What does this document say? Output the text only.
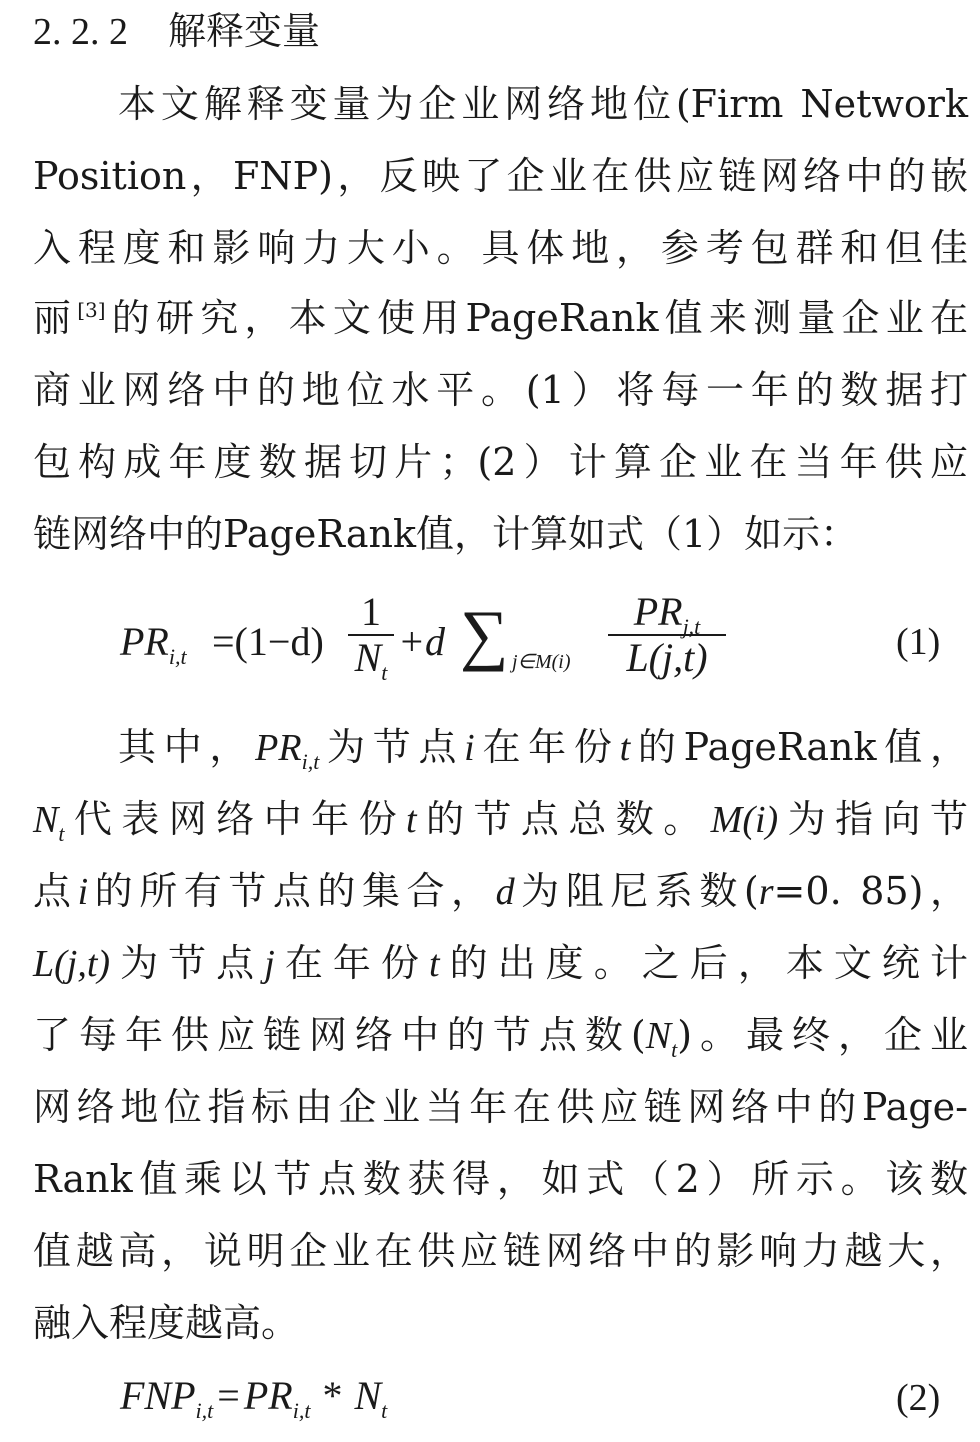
2. 2. 2 解释变量
本文解释变量为企业网络地位(Firm Network
Position，FNP)，反映了企业在供应链网络中的嵌
入程度和影响力大小。具体地，参考包群和但佳
丽[3]的研究，本文使用PageRank值来测量企业在
商业网络中的地位水平。(1）将每一年的数据打
包构成年度数据切片；(2）计算企业在当年供应
链网络中的PageRank值，计算如式（1）如示：
$PR_{i,t} =(1-d)$
1
$N_t$
+d ∑ j∈M(i)
$PR_{j,t}$
L(j,t)	(1)
其中，$PR_{i,t}$为节点i在年份t的PageRank值，
$N_t$代表网络中年份t的节点总数。M(i)为指向节
点i的所有节点的集合，d为阻尼系数(r=0. 85)，
L(j,t)为节点j在年份t的出度。之后，本文统计
了每年供应链网络中的节点数$(N_t)$。最终，企业
网络地位指标由企业当年在供应链网络中的Page-
Rank值乘以节点数获得，如式（2）所示。该数
值越高，说明企业在供应链网络中的影响力越大，
融入程度越高。
$FNP_{i,t} = PR_{i,t} * N_t$	(2)
